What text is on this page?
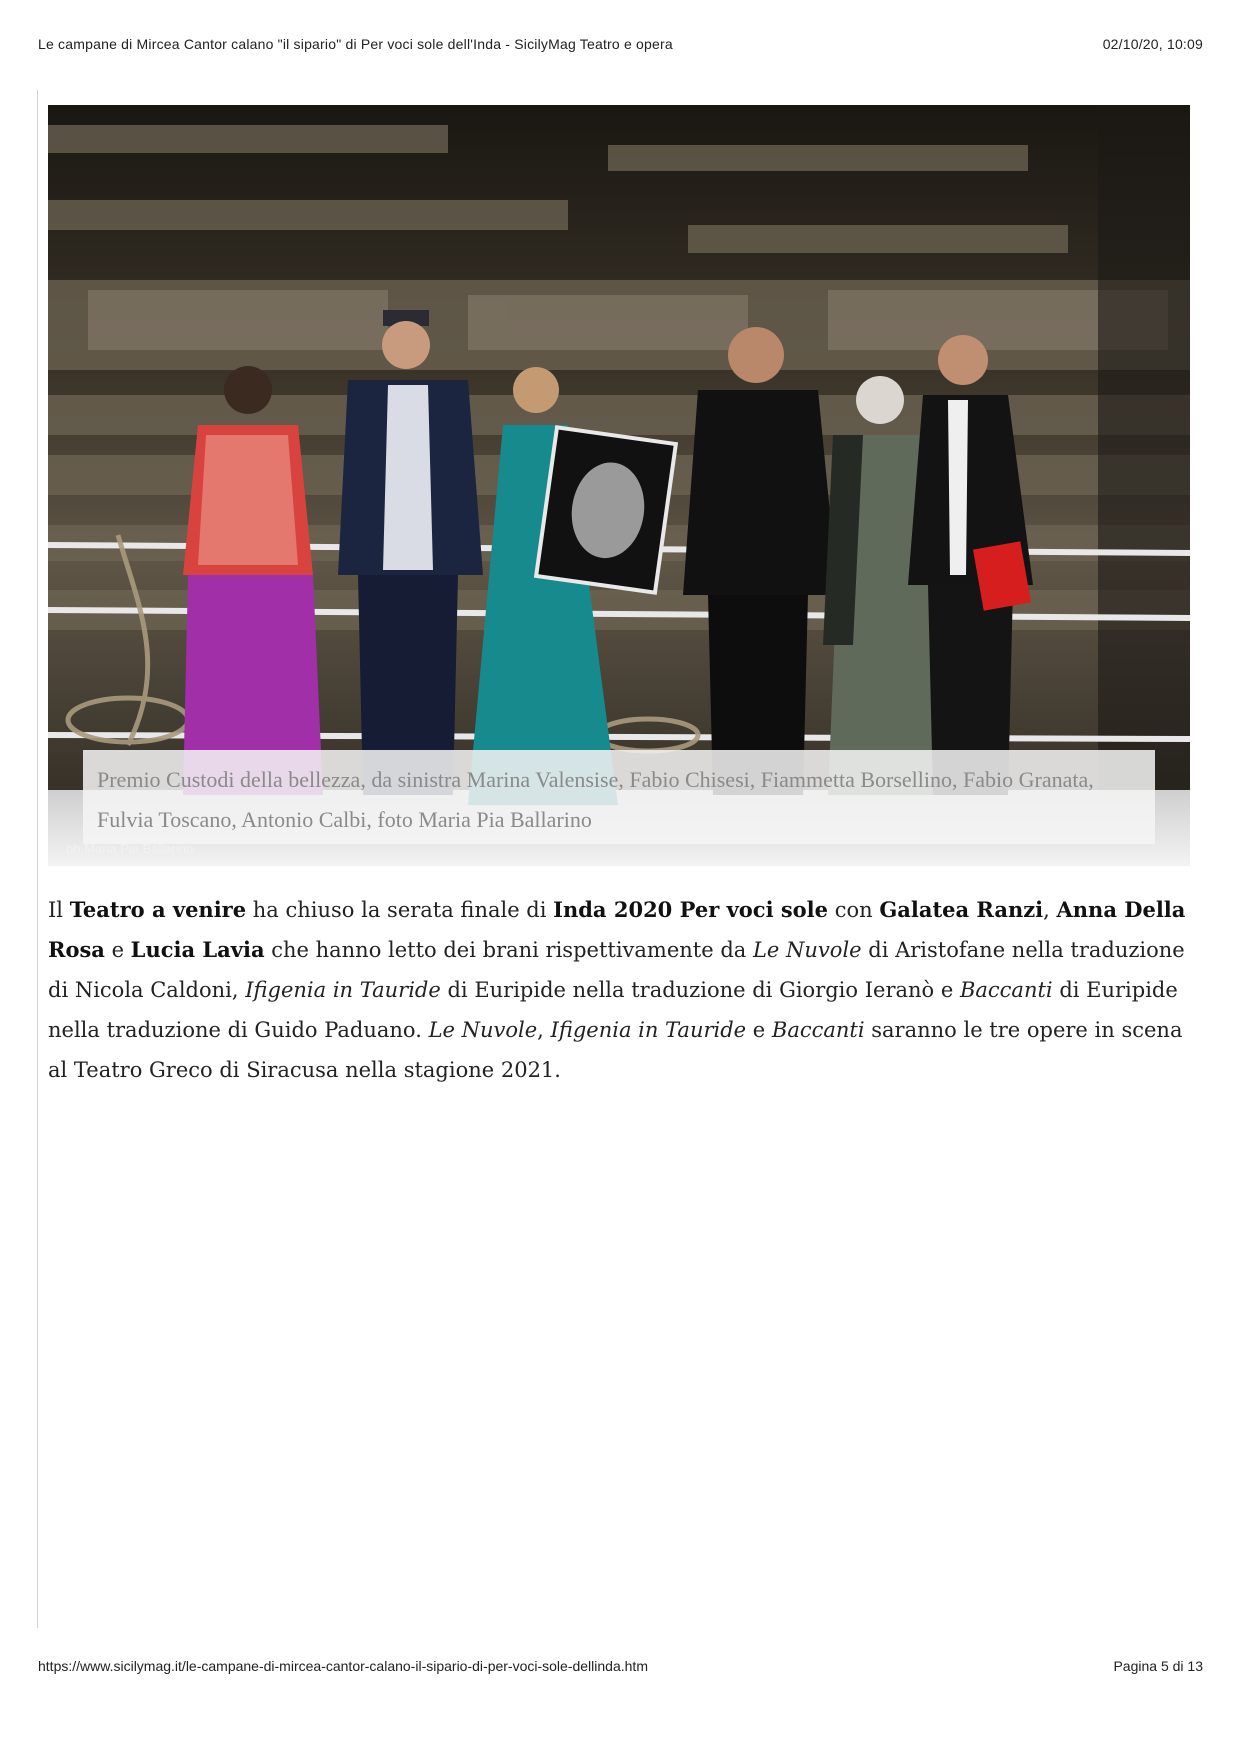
Le campane di Mircea Cantor calano "il sipario" di Per voci sole dell'Inda - SicilyMag Teatro e opera	02/10/20, 10:09
Premio Custodi della bellezza, da sinistra Marina Valensise, Fabio Chisesi, Fiammetta Borsellino, Fabio Granata, Fulvia Toscano, Antonio Calbi, foto Maria Pia Ballarino
ph.Maria Pia Ballarino

Il Teatro a venire ha chiuso la serata finale di Inda 2020 Per voci sole con Galatea Ranzi, Anna Della Rosa e Lucia Lavia che hanno letto dei brani rispettivamente da Le Nuvole di Aristofane nella traduzione di Nicola Caldoni, Ifigenia in Tauride di Euripide nella traduzione di Giorgio Ieranò e Baccanti di Euripide nella traduzione di Guido Paduano. Le Nuvole, Ifigenia in Tauride e Baccanti saranno le tre opere in scena al Teatro Greco di Siracusa nella stagione 2021.

https://www.sicilymag.it/le-campane-di-mircea-cantor-calano-il-sipario-di-per-voci-sole-dellinda.htm	Pagina 5 di 13
